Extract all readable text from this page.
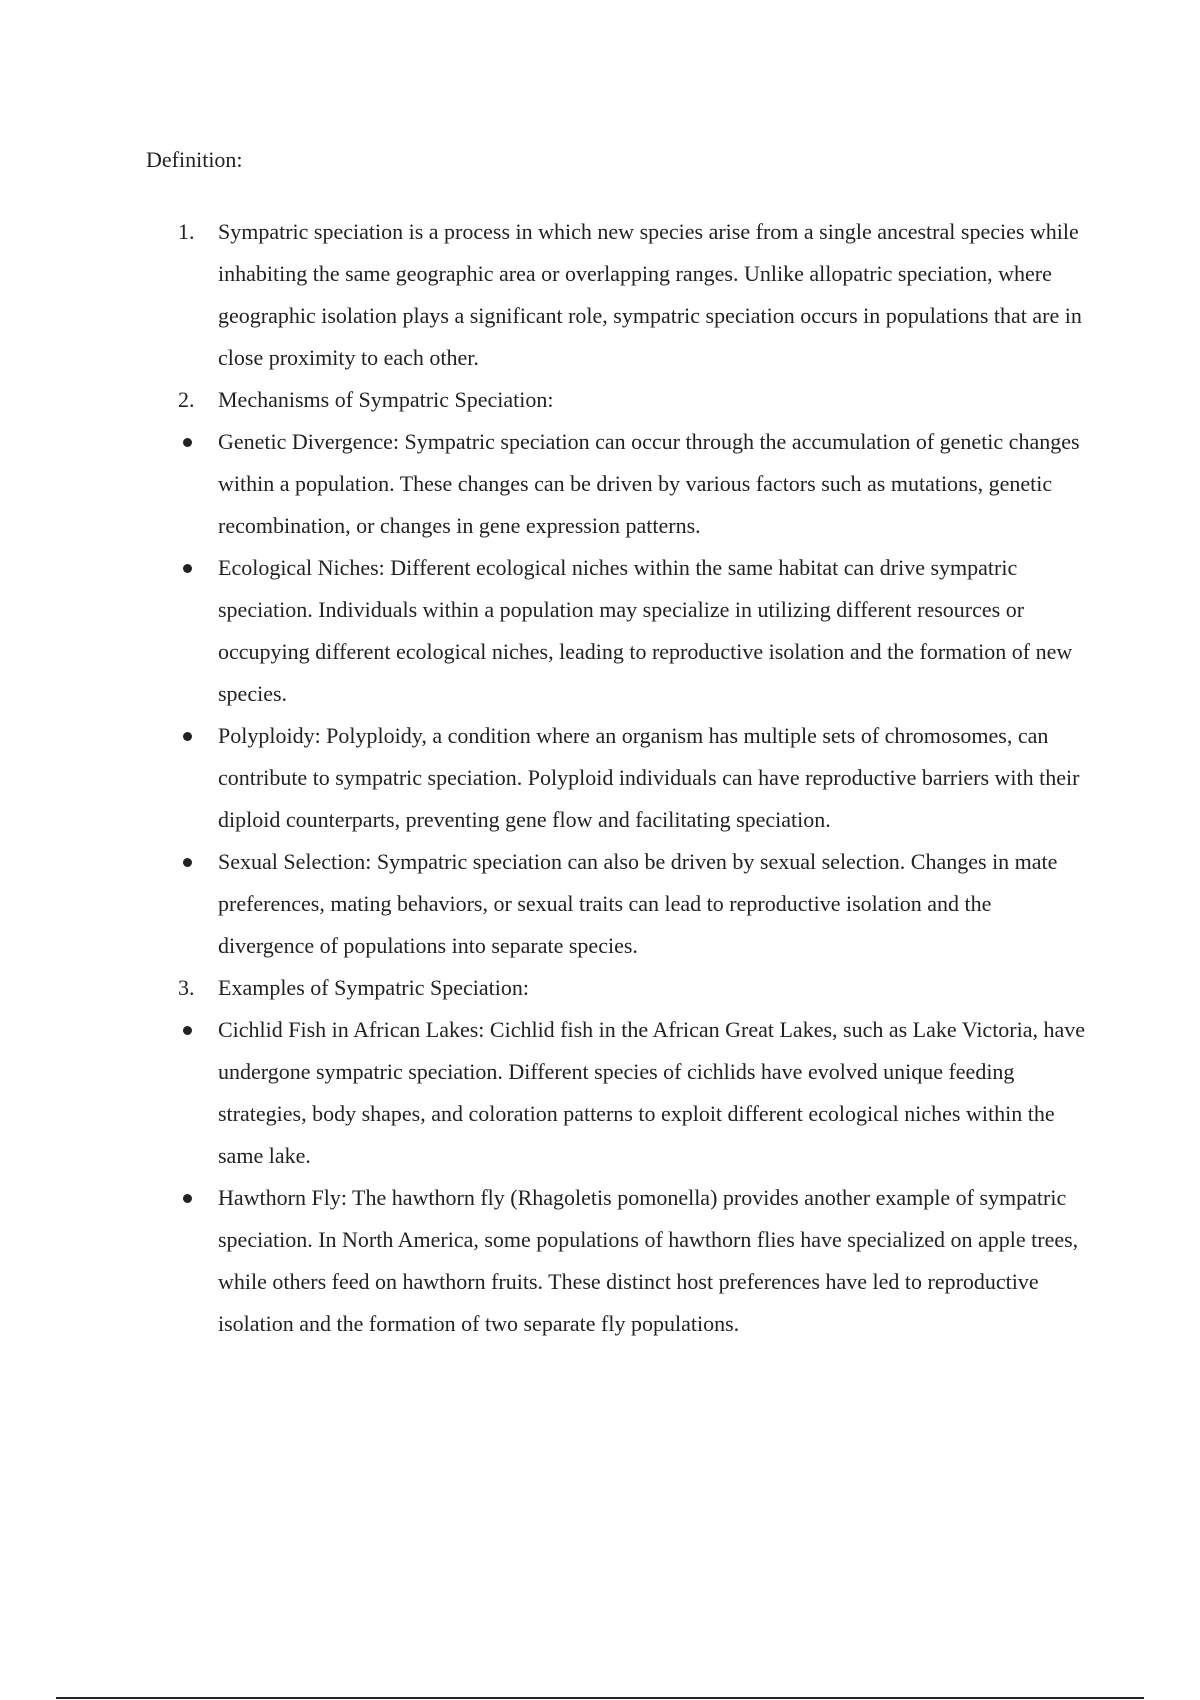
Definition:
1.	Sympatric speciation is a process in which new species arise from a single ancestral species while inhabiting the same geographic area or overlapping ranges. Unlike allopatric speciation, where geographic isolation plays a significant role, sympatric speciation occurs in populations that are in close proximity to each other.
2.	Mechanisms of Sympatric Speciation:
Genetic Divergence: Sympatric speciation can occur through the accumulation of genetic changes within a population. These changes can be driven by various factors such as mutations, genetic recombination, or changes in gene expression patterns.
Ecological Niches: Different ecological niches within the same habitat can drive sympatric speciation. Individuals within a population may specialize in utilizing different resources or occupying different ecological niches, leading to reproductive isolation and the formation of new species.
Polyploidy: Polyploidy, a condition where an organism has multiple sets of chromosomes, can contribute to sympatric speciation. Polyploid individuals can have reproductive barriers with their diploid counterparts, preventing gene flow and facilitating speciation.
Sexual Selection: Sympatric speciation can also be driven by sexual selection. Changes in mate preferences, mating behaviors, or sexual traits can lead to reproductive isolation and the divergence of populations into separate species.
3.	Examples of Sympatric Speciation:
Cichlid Fish in African Lakes: Cichlid fish in the African Great Lakes, such as Lake Victoria, have undergone sympatric speciation. Different species of cichlids have evolved unique feeding strategies, body shapes, and coloration patterns to exploit different ecological niches within the same lake.
Hawthorn Fly: The hawthorn fly (Rhagoletis pomonella) provides another example of sympatric speciation. In North America, some populations of hawthorn flies have specialized on apple trees, while others feed on hawthorn fruits. These distinct host preferences have led to reproductive isolation and the formation of two separate fly populations.
